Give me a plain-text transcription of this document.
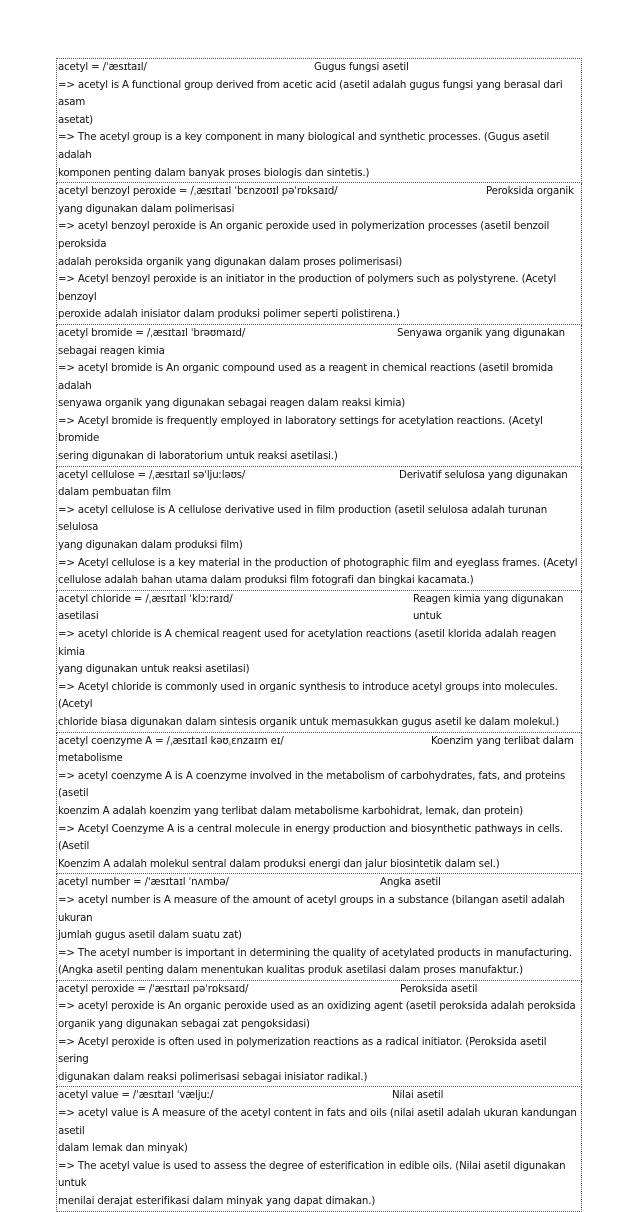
acetyl = /ˈæsɪtaɪl/	Gugus fungsi asetil
=> acetyl is A functional group derived from acetic acid (asetil adalah gugus fungsi yang berasal dari asam
asetat)
=> The acetyl group is a key component in many biological and synthetic processes. (Gugus asetil adalah
komponen penting dalam banyak proses biologis dan sintetis.)
acetyl benzoyl peroxide = /ˌæsɪtaɪl ˈbɛnzoʊɪl pəˈrɒksaɪd/	Peroksida organik
yang digunakan dalam polimerisasi
=> acetyl benzoyl peroxide is An organic peroxide used in polymerization processes (asetil benzoil peroksida
adalah peroksida organik yang digunakan dalam proses polimerisasi)
=> Acetyl benzoyl peroxide is an initiator in the production of polymers such as polystyrene. (Acetyl benzoyl
peroxide adalah inisiator dalam produksi polimer seperti polistirena.)
acetyl bromide = /ˌæsɪtaɪl ˈbrəʊmaɪd/	Senyawa organik yang digunakan
sebagai reagen kimia
=> acetyl bromide is An organic compound used as a reagent in chemical reactions (asetil bromida adalah
senyawa organik yang digunakan sebagai reagen dalam reaksi kimia)
=> Acetyl bromide is frequently employed in laboratory settings for acetylation reactions. (Acetyl bromide
sering digunakan di laboratorium untuk reaksi asetilasi.)
acetyl cellulose = /ˌæsɪtaɪl səˈljuːləʊs/	Derivatif selulosa yang digunakan
dalam pembuatan film
=> acetyl cellulose is A cellulose derivative used in film production (asetil selulosa adalah turunan selulosa
yang digunakan dalam produksi film)
=> Acetyl cellulose is a key material in the production of photographic film and eyeglass frames. (Acetyl
cellulose adalah bahan utama dalam produksi film fotografi dan bingkai kacamata.)
acetyl chloride = /ˌæsɪtaɪl ˈklɔːraɪd/	Reagen kimia yang digunakan untuk
asetilasi
=> acetyl chloride is A chemical reagent used for acetylation reactions (asetil klorida adalah reagen kimia
yang digunakan untuk reaksi asetilasi)
=> Acetyl chloride is commonly used in organic synthesis to introduce acetyl groups into molecules. (Acetyl
chloride biasa digunakan dalam sintesis organik untuk memasukkan gugus asetil ke dalam molekul.)
acetyl coenzyme A = /ˌæsɪtaɪl kəʊˌɛnzaɪm eɪ/	Koenzim yang terlibat dalam
metabolisme
=> acetyl coenzyme A is A coenzyme involved in the metabolism of carbohydrates, fats, and proteins (asetil
koenzim A adalah koenzim yang terlibat dalam metabolisme karbohidrat, lemak, dan protein)
=> Acetyl Coenzyme A is a central molecule in energy production and biosynthetic pathways in cells. (Asetil
Koenzim A adalah molekul sentral dalam produksi energi dan jalur biosintetik dalam sel.)
acetyl number = /ˈæsɪtaɪl ˈnʌmbə/	Angka asetil
=> acetyl number is A measure of the amount of acetyl groups in a substance (bilangan asetil adalah ukuran
jumlah gugus asetil dalam suatu zat)
=> The acetyl number is important in determining the quality of acetylated products in manufacturing.
(Angka asetil penting dalam menentukan kualitas produk asetilasi dalam proses manufaktur.)
acetyl peroxide = /ˈæsɪtaɪl pəˈrɒksaɪd/	Peroksida asetil
=> acetyl peroxide is An organic peroxide used as an oxidizing agent (asetil peroksida adalah peroksida
organik yang digunakan sebagai zat pengoksidasi)
=> Acetyl peroxide is often used in polymerization reactions as a radical initiator. (Peroksida asetil sering
digunakan dalam reaksi polimerisasi sebagai inisiator radikal.)
acetyl value = /ˈæsɪtaɪl ˈvæljuː/	Nilai asetil
=> acetyl value is A measure of the acetyl content in fats and oils (nilai asetil adalah ukuran kandungan asetil
dalam lemak dan minyak)
=> The acetyl value is used to assess the degree of esterification in edible oils. (Nilai asetil digunakan untuk
menilai derajat esterifikasi dalam minyak yang dapat dimakan.)
